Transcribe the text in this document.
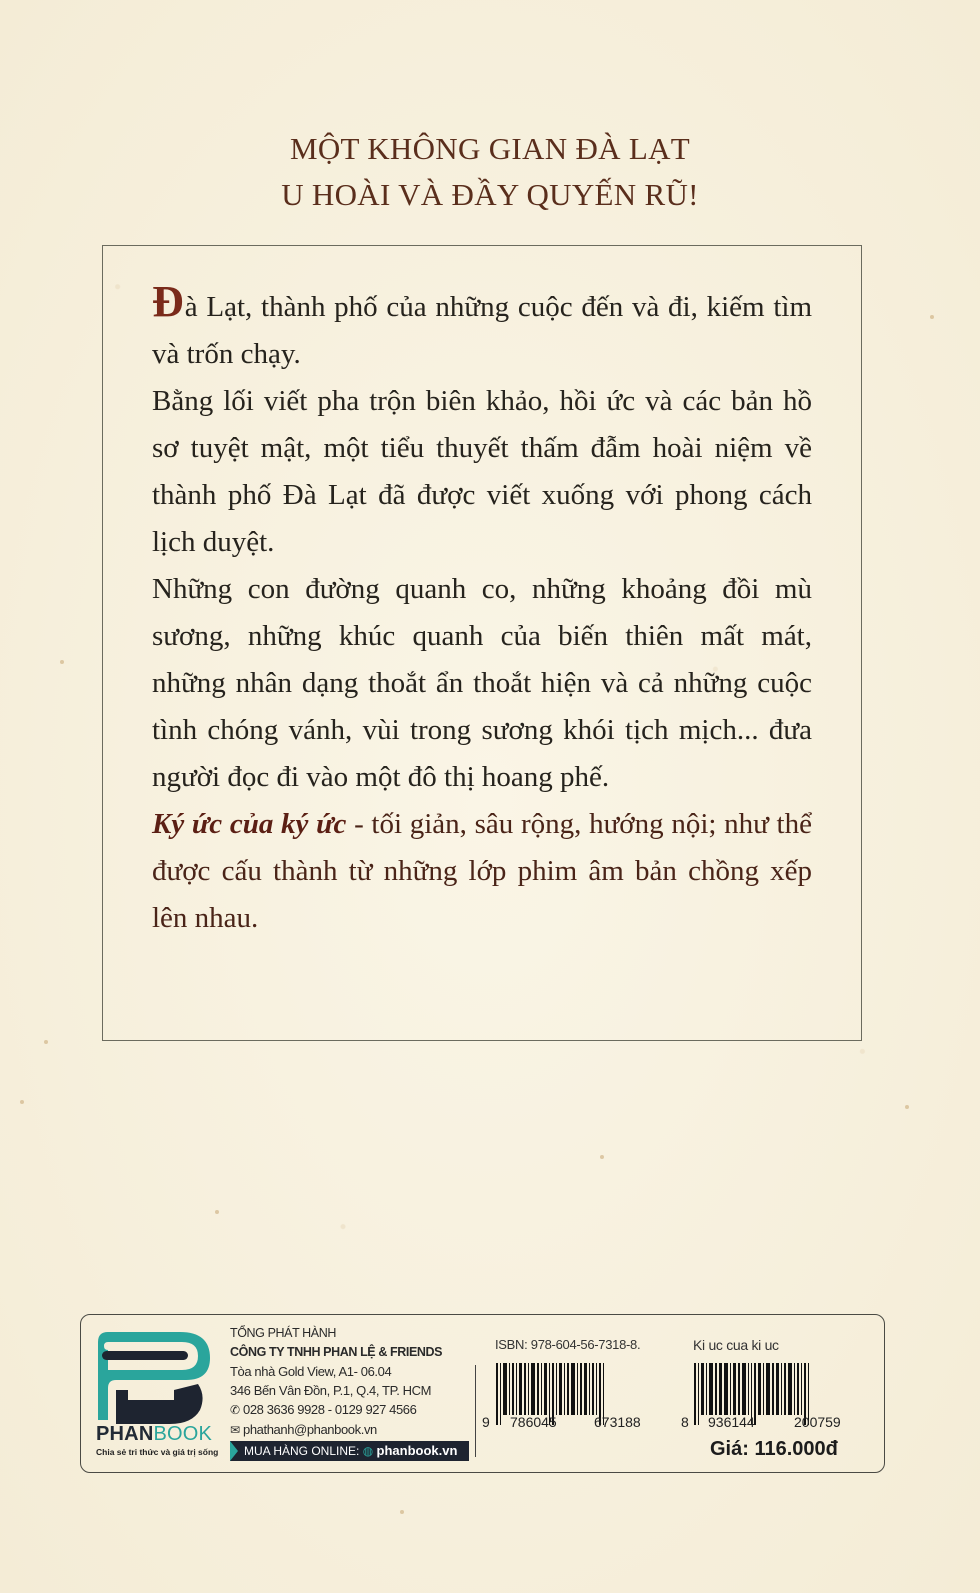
MỘT KHÔNG GIAN ĐÀ LẠT
U HOÀI VÀ ĐẦY QUYẾN RŨ!

Đà Lạt, thành phố của những cuộc đến và đi, kiếm tìm và trốn chạy.

Bằng lối viết pha trộn biên khảo, hồi ức và các bản hồ sơ tuyệt mật, một tiểu thuyết thấm đẫm hoài niệm về thành phố Đà Lạt đã được viết xuống với phong cách lịch duyệt.

Những con đường quanh co, những khoảng đồi mù sương, những khúc quanh của biến thiên mất mát, những nhân dạng thoắt ẩn thoắt hiện và cả những cuộc tình chóng vánh, vùi trong sương khói tịch mịch... đưa người đọc đi vào một đô thị hoang phế.

Ký ức của ký ức - tối giản, sâu rộng, hướng nội; như thể được cấu thành từ những lớp phim âm bản chồng xếp lên nhau.

PHANBOOK
Chia sẻ tri thức và giá trị sống
TỔNG PHÁT HÀNH
CÔNG TY TNHH PHAN LỆ & FRIENDS
Tòa nhà Gold View, A1- 06.04
346 Bến Vân Đồn, P.1, Q.4, TP. HCM
✆ 028 3636 9928 - 0129 927 4566
✉ phathanh@phanbook.vn
MUA HÀNG ONLINE: ◍ phanbook.vn
ISBN: 978-604-56-7318-8.
9 786045	673188
Ki uc cua ki uc
8 936144	200759
Giá: 116.000đ
